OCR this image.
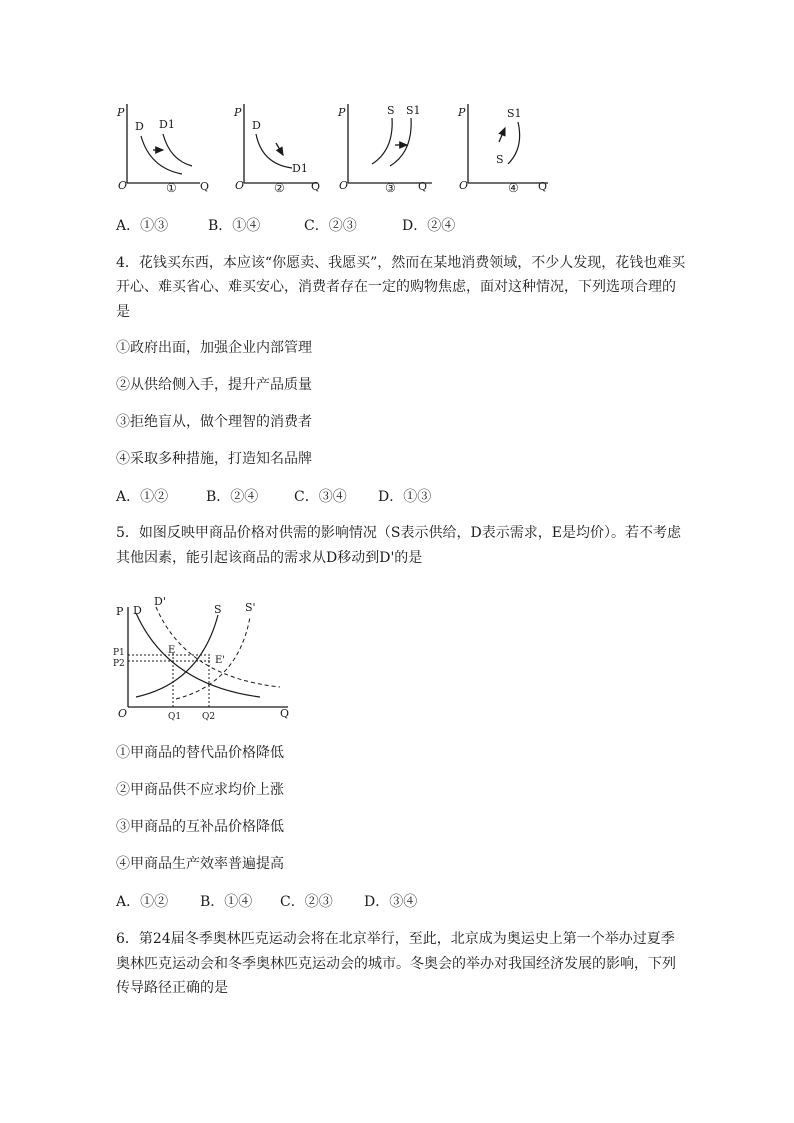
P
O	Q
①
D D1
P
O	Q
②
D
D1
P
O	Q
③
S S1	P
O	Q
④
S
S1
A．①③	B．①④	C．②③	D．②④
4．花钱买东西，本应该“你愿卖、我愿买”，然而在某地消费领域，不少人发现，花钱也难买
开心、难买省心、难买安心，消费者存在一定的购物焦虑，面对这种情况，下列选项合理的
是
①政府出面，加强企业内部管理
②从供给侧入手，提升产品质量
③拒绝盲从，做个理智的消费者
④采取多种措施，打造知名品牌
A．①②	B．②④	C．③④	D．①③
5．如图反映甲商品价格对供需的影响情况（S表示供给，D表示需求，E是均价）。若不考虑
其他因素，能引起该商品的需求从D移动到D'的是
P
O	Q
P1
P2
Q1 Q2
D
D'
S S'
E
E'
①甲商品的替代品价格降低
②甲商品供不应求均价上涨
③甲商品的互补品价格降低
④甲商品生产效率普遍提高
A．①②	B．①④	C．②③	D．③④
6．第24届冬季奥林匹克运动会将在北京举行，至此，北京成为奥运史上第一个举办过夏季
奥林匹克运动会和冬季奥林匹克运动会的城市。冬奥会的举办对我国经济发展的影响，下列
传导路径正确的是
